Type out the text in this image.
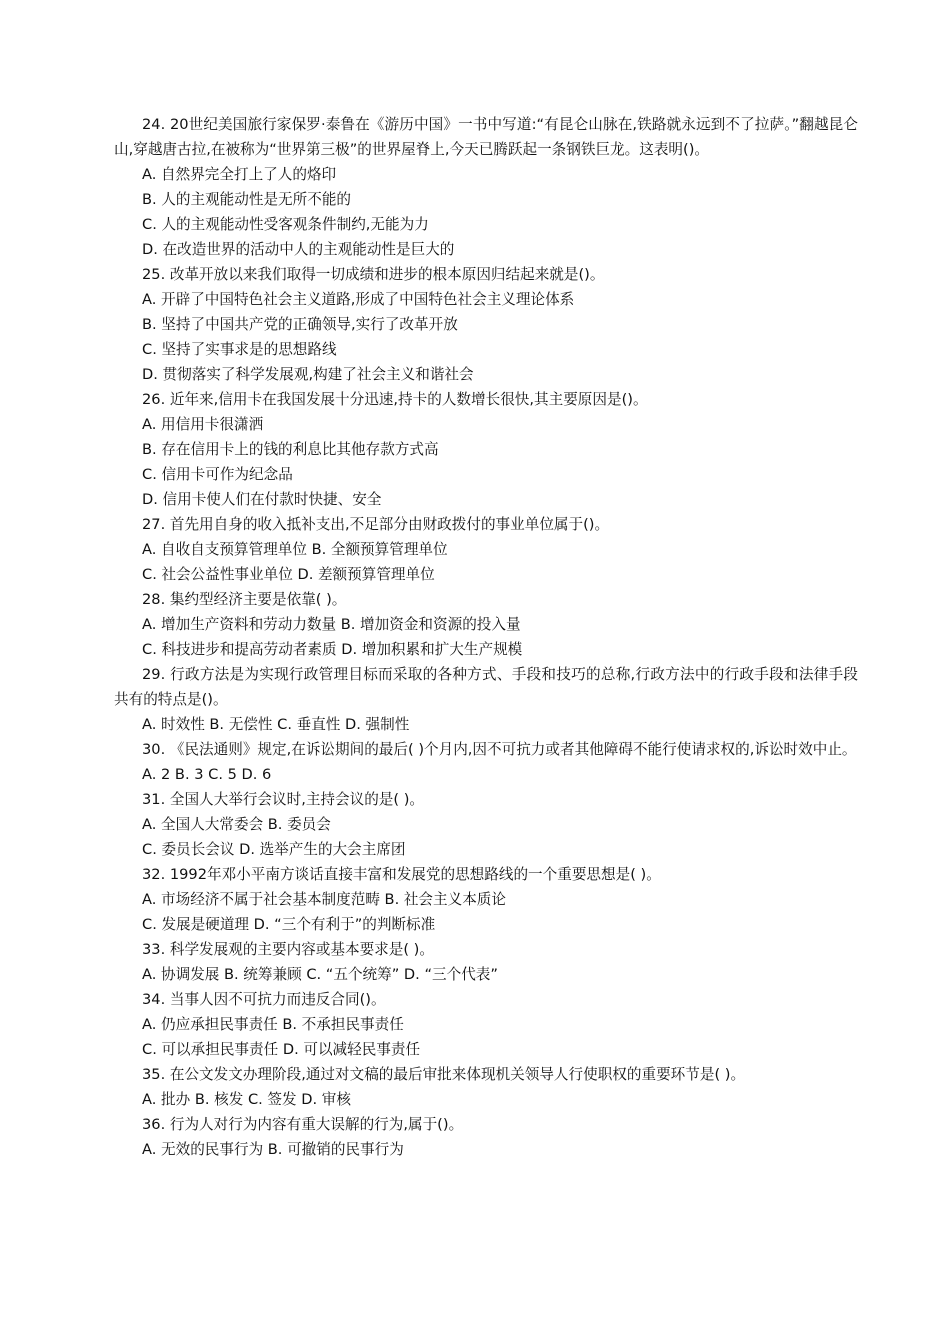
24. 20世纪美国旅行家保罗·泰鲁在《游历中国》一书中写道:“有昆仑山脉在,铁路就永远到不了拉萨。”翻越昆仑山,穿越唐古拉,在被称为“世界第三极”的世界屋脊上,今天已腾跃起一条钢铁巨龙。这表明()。

A. 自然界完全打上了人的烙印

B. 人的主观能动性是无所不能的

C. 人的主观能动性受客观条件制约,无能为力

D. 在改造世界的活动中人的主观能动性是巨大的

25. 改革开放以来我们取得一切成绩和进步的根本原因归结起来就是()。

A. 开辟了中国特色社会主义道路,形成了中国特色社会主义理论体系

B. 坚持了中国共产党的正确领导,实行了改革开放

C. 坚持了实事求是的思想路线

D. 贯彻落实了科学发展观,构建了社会主义和谐社会

26. 近年来,信用卡在我国发展十分迅速,持卡的人数增长很快,其主要原因是()。

A. 用信用卡很潇洒

B. 存在信用卡上的钱的利息比其他存款方式高

C. 信用卡可作为纪念品

D. 信用卡使人们在付款时快捷、安全

27. 首先用自身的收入抵补支出,不足部分由财政拨付的事业单位属于()。

A. 自收自支预算管理单位 B. 全额预算管理单位

C. 社会公益性事业单位 D. 差额预算管理单位

28. 集约型经济主要是依靠( )。

A. 增加生产资料和劳动力数量 B. 增加资金和资源的投入量

C. 科技进步和提高劳动者素质 D. 增加积累和扩大生产规模

29. 行政方法是为实现行政管理目标而采取的各种方式、手段和技巧的总称,行政方法中的行政手段和法律手段共有的特点是()。

A. 时效性 B. 无偿性 C. 垂直性 D. 强制性

30. 《民法通则》规定,在诉讼期间的最后( )个月内,因不可抗力或者其他障碍不能行使请求权的,诉讼时效中止。

A. 2 B. 3 C. 5 D. 6

31. 全国人大举行会议时,主持会议的是( )。

A. 全国人大常委会 B. 委员会

C. 委员长会议 D. 选举产生的大会主席团

32. 1992年邓小平南方谈话直接丰富和发展党的思想路线的一个重要思想是( )。

A. 市场经济不属于社会基本制度范畴 B. 社会主义本质论

C. 发展是硬道理 D. “三个有利于”的判断标准

33. 科学发展观的主要内容或基本要求是( )。

A. 协调发展 B. 统筹兼顾 C. “五个统筹” D. “三个代表”

34. 当事人因不可抗力而违反合同()。

A. 仍应承担民事责任 B. 不承担民事责任

C. 可以承担民事责任 D. 可以减轻民事责任

35. 在公文发文办理阶段,通过对文稿的最后审批来体现机关领导人行使职权的重要环节是( )。

A. 批办 B. 核发 C. 签发 D. 审核

36. 行为人对行为内容有重大误解的行为,属于()。

A. 无效的民事行为 B. 可撤销的民事行为
